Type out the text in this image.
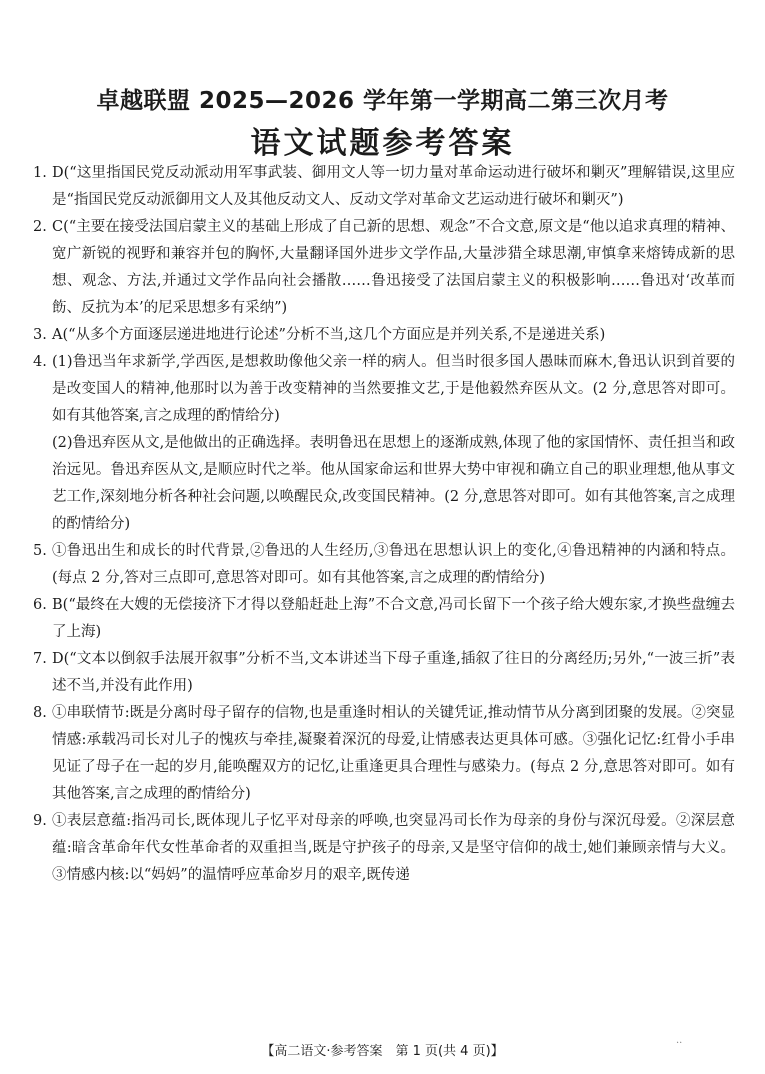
卓越联盟 2025—2026 学年第一学期高二第三次月考
语文试题参考答案
1. D(“这里指国民党反动派动用军事武装、御用文人等一切力量对革命运动进行破坏和剿灭”理解错误,这里应是“指国民党反动派御用文人及其他反动文人、反动文学对革命文艺运动进行破坏和剿灭”)

2. C(“主要在接受法国启蒙主义的基础上形成了自己新的思想、观念”不合文意,原文是“他以追求真理的精神、宽广新锐的视野和兼容并包的胸怀,大量翻译国外进步文学作品,大量涉猎全球思潮,审慎拿来熔铸成新的思想、观念、方法,并通过文学作品向社会播散……鲁迅接受了法国启蒙主义的积极影响……鲁迅对‘改革而飭、反抗为本’的尼采思想多有采纳”)

3. A(“从多个方面逐层递进地进行论述”分析不当,这几个方面应是并列关系,不是递进关系)

4. (1)鲁迅当年求新学,学西医,是想救助像他父亲一样的病人。但当时很多国人愚昧而麻木,鲁迅认识到首要的是改变国人的精神,他那时以为善于改变精神的当然要推文艺,于是他毅然弃医从文。(2 分,意思答对即可。如有其他答案,言之成理的酌情给分)

(2)鲁迅弃医从文,是他做出的正确选择。表明鲁迅在思想上的逐渐成熟,体现了他的家国情怀、责任担当和政治远见。鲁迅弃医从文,是顺应时代之举。他从国家命运和世界大势中审视和确立自己的职业理想,他从事文艺工作,深刻地分析各种社会问题,以唤醒民众,改变国民精神。(2 分,意思答对即可。如有其他答案,言之成理的酌情给分)

5. ①鲁迅出生和成长的时代背景,②鲁迅的人生经历,③鲁迅在思想认识上的变化,④鲁迅精神的内涵和特点。(每点 2 分,答对三点即可,意思答对即可。如有其他答案,言之成理的酌情给分)

6. B(“最终在大嫂的无偿接济下才得以登船赶赴上海”不合文意,冯司长留下一个孩子给大嫂东家,才换些盘缠去了上海)

7. D(“文本以倒叙手法展开叙事”分析不当,文本讲述当下母子重逢,插叙了往日的分离经历;另外,“一波三折”表述不当,并没有此作用)

8. ①串联情节:既是分离时母子留存的信物,也是重逢时相认的关键凭证,推动情节从分离到团聚的发展。②突显情感:承载冯司长对儿子的愧疚与牵挂,凝聚着深沉的母爱,让情感表达更具体可感。③强化记忆:红骨小手串见证了母子在一起的岁月,能唤醒双方的记忆,让重逢更具合理性与感染力。(每点 2 分,意思答对即可。如有其他答案,言之成理的酌情给分)

9. ①表层意蕴:指冯司长,既体现儿子忆平对母亲的呼唤,也突显冯司长作为母亲的身份与深沉母爱。②深层意蕴:暗含革命年代女性革命者的双重担当,既是守护孩子的母亲,又是坚守信仰的战士,她们兼顾亲情与大义。③情感内核:以“妈妈”的温情呼应革命岁月的艰辛,既传递

【高二语文·参考答案　第 1 页(共 4 页)】
··
